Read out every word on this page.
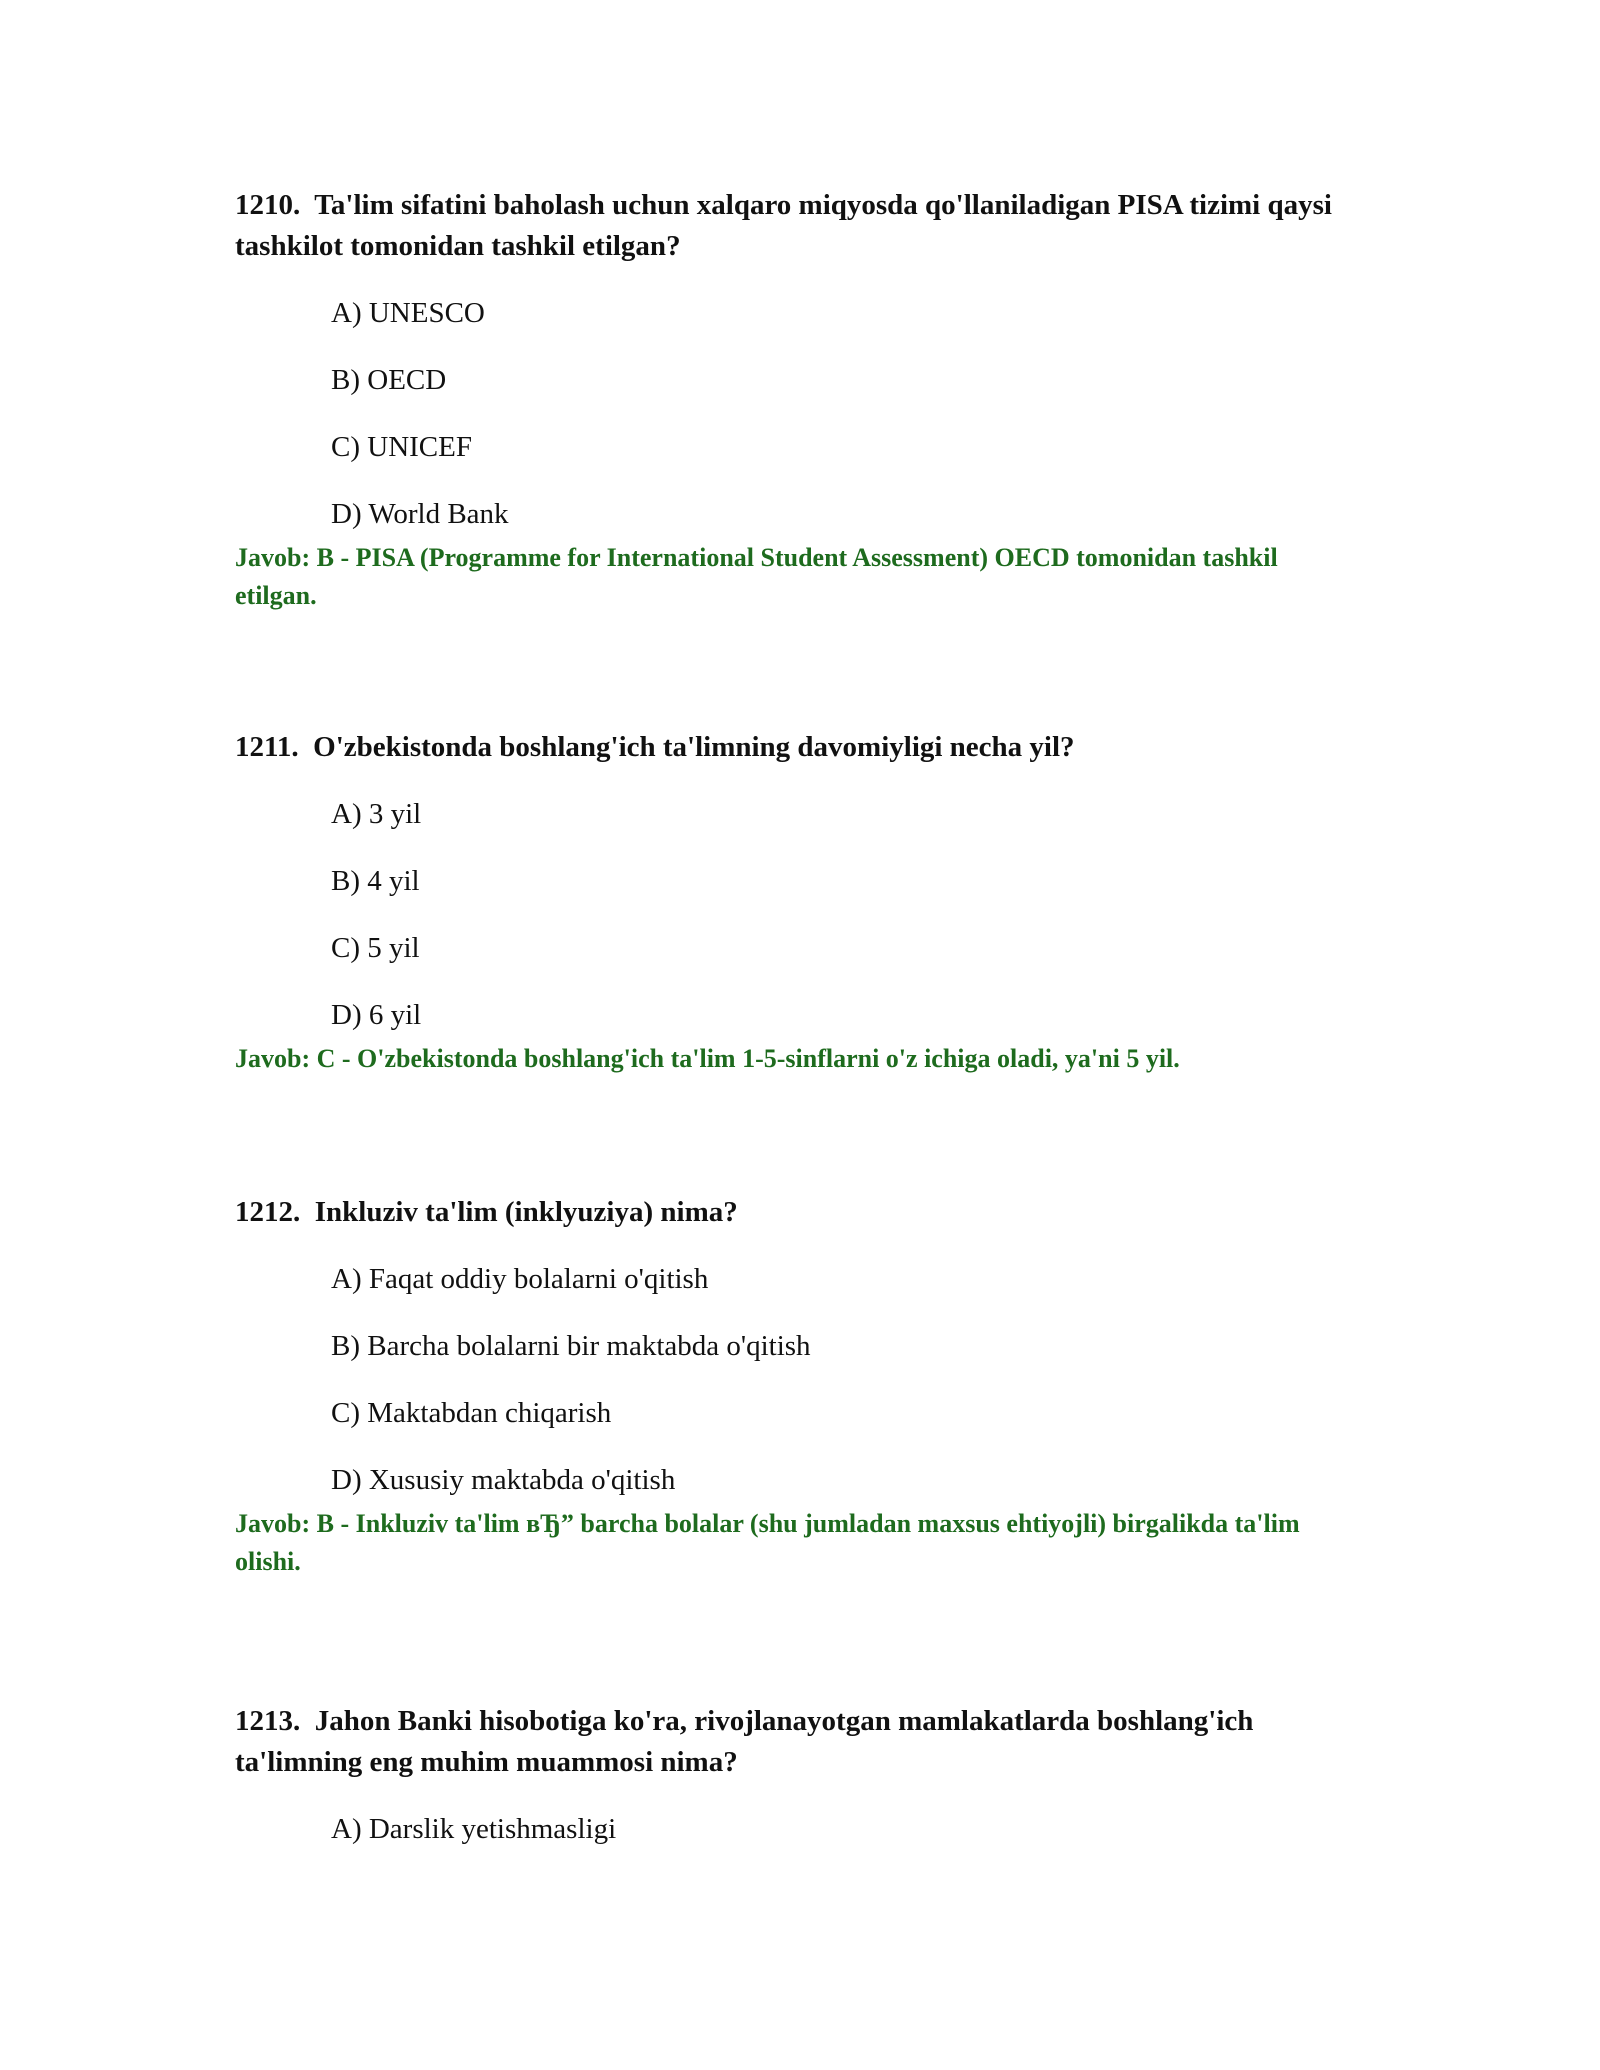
1210. Ta'lim sifatini baholash uchun xalqaro miqyosda qo'llaniladigan PISA tizimi qaysi tashkilot tomonidan tashkil etilgan?

A) UNESCO
B) OECD
C) UNICEF
D) World Bank

Javob: B - PISA (Programme for International Student Assessment) OECD tomonidan tashkil etilgan.

1211. O'zbekistonda boshlang'ich ta'limning davomiyligi necha yil?

A) 3 yil
B) 4 yil
C) 5 yil
D) 6 yil

Javob: C - O'zbekistonda boshlang'ich ta'lim 1-5-sinflarni o'z ichiga oladi, ya'ni 5 yil.

1212. Inkluziv ta'lim (inklyuziya) nima?

A) Faqat oddiy bolalarni o'qitish
B) Barcha bolalarni bir maktabda o'qitish
C) Maktabdan chiqarish
D) Xususiy maktabda o'qitish

Javob: B - Inkluziv ta'lim вЂ” barcha bolalar (shu jumladan maxsus ehtiyojli) birgalikda ta'lim olishi.

1213. Jahon Banki hisobotiga ko'ra, rivojlanayotgan mamlakatlarda boshlang'ich ta'limning eng muhim muammosi nima?

A) Darslik yetishmasligi
